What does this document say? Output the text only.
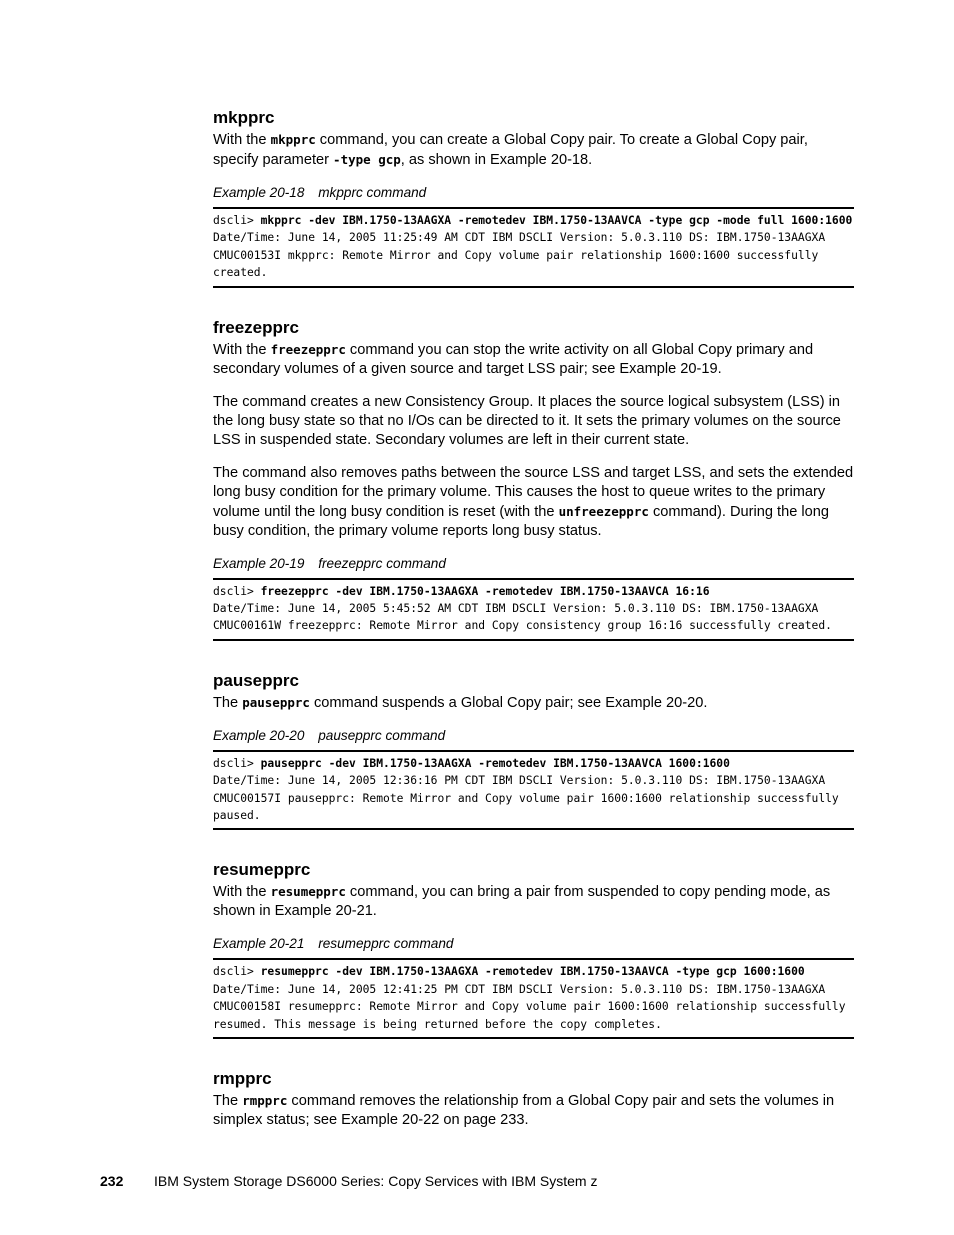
mkpprc

With the mkpprc command, you can create a Global Copy pair. To create a Global Copy pair, specify parameter -type gcp, as shown in Example 20-18.

Example 20-18 mkpprc command

dscli> mkpprc -dev IBM.1750-13AAGXA -remotedev IBM.1750-13AAVCA -type gcp -mode full 1600:1600

Date/Time: June 14, 2005 11:25:49 AM CDT IBM DSCLI Version: 5.0.3.110 DS: IBM.1750-13AAGXA

CMUC00153I mkpprc: Remote Mirror and Copy volume pair relationship 1600:1600 successfully created.

freezepprc

With the freezepprc command you can stop the write activity on all Global Copy primary and secondary volumes of a given source and target LSS pair; see Example 20-19.

The command creates a new Consistency Group. It places the source logical subsystem (LSS) in the long busy state so that no I/Os can be directed to it. It sets the primary volumes on the source LSS in suspended state. Secondary volumes are left in their current state.

The command also removes paths between the source LSS and target LSS, and sets the extended long busy condition for the primary volume. This causes the host to queue writes to the primary volume until the long busy condition is reset (with the unfreezepprc command). During the long busy condition, the primary volume reports long busy status.

Example 20-19 freezepprc command

dscli> freezepprc -dev IBM.1750-13AAGXA -remotedev IBM.1750-13AAVCA 16:16

Date/Time: June 14, 2005 5:45:52 AM CDT IBM DSCLI Version: 5.0.3.110 DS: IBM.1750-13AAGXA

CMUC00161W freezepprc: Remote Mirror and Copy consistency group 16:16 successfully created.

pausepprc

The pausepprc command suspends a Global Copy pair; see Example 20-20.

Example 20-20 pausepprc command

dscli> pausepprc -dev IBM.1750-13AAGXA -remotedev IBM.1750-13AAVCA 1600:1600

Date/Time: June 14, 2005 12:36:16 PM CDT IBM DSCLI Version: 5.0.3.110 DS: IBM.1750-13AAGXA

CMUC00157I pausepprc: Remote Mirror and Copy volume pair 1600:1600 relationship successfully paused.

resumepprc

With the resumepprc command, you can bring a pair from suspended to copy pending mode, as shown in Example 20-21.

Example 20-21 resumepprc command

dscli> resumepprc -dev IBM.1750-13AAGXA -remotedev IBM.1750-13AAVCA -type gcp 1600:1600

Date/Time: June 14, 2005 12:41:25 PM CDT IBM DSCLI Version: 5.0.3.110 DS: IBM.1750-13AAGXA

CMUC00158I resumepprc: Remote Mirror and Copy volume pair 1600:1600 relationship successfully resumed. This message is being returned before the copy completes.

rmpprc

The rmpprc command removes the relationship from a Global Copy pair and sets the volumes in simplex status; see Example 20-22 on page 233.

232 IBM System Storage DS6000 Series: Copy Services with IBM System z
